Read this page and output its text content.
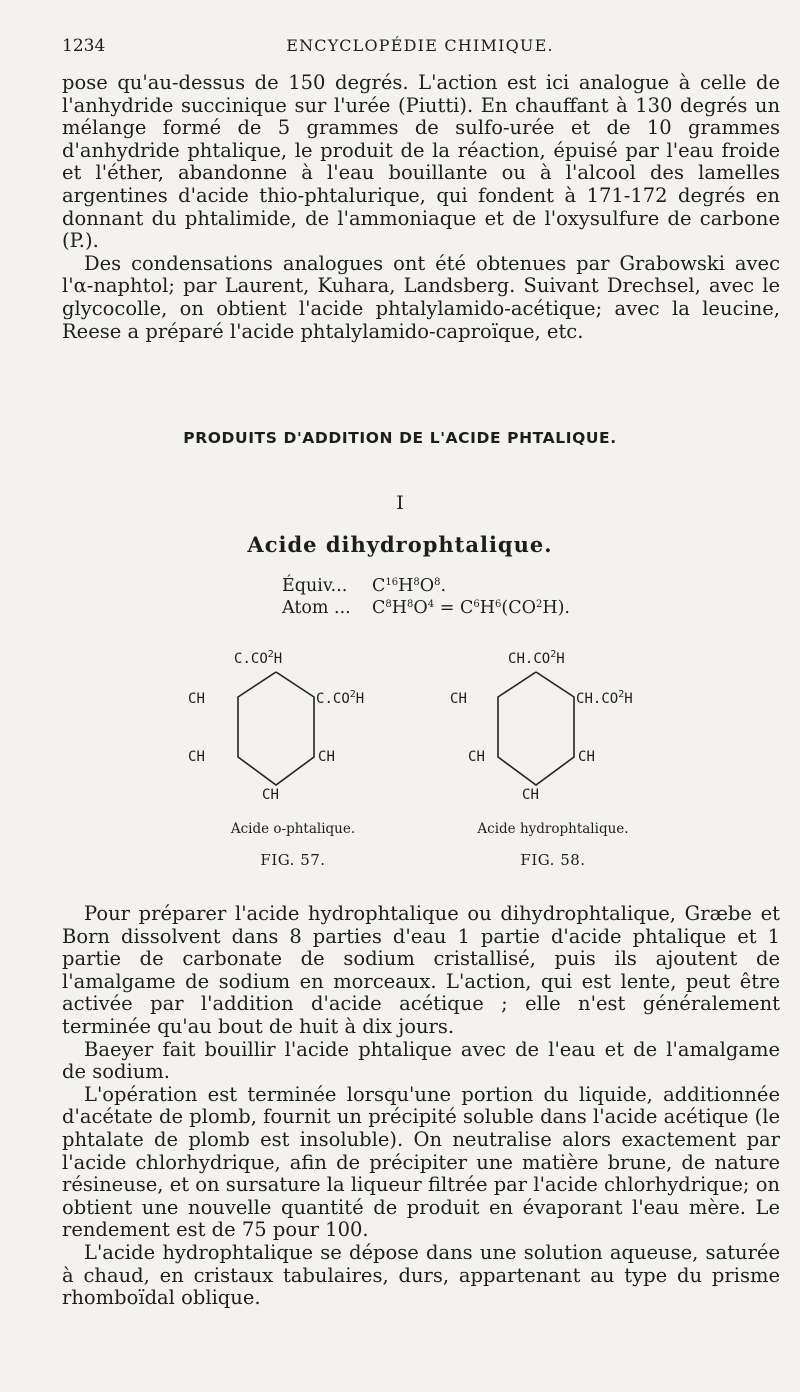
1234	ENCYCLOPÉDIE CHIMIQUE.

pose qu'au-dessus de 150 degrés. L'action est ici analogue à celle de l'anhydride succinique sur l'urée (Piutti). En chauffant à 130 degrés un mélange formé de 5 grammes de sulfo-urée et de 10 grammes d'anhydride phtalique, le produit de la réaction, épuisé par l'eau froide et l'éther, abandonne à l'eau bouillante ou à l'alcool des lamelles argentines d'acide thio-phtalurique, qui fondent à 171-172 degrés en donnant du phtalimide, de l'ammoniaque et de l'oxysulfure de carbone (P.).

Des condensations analogues ont été obtenues par Grabowski avec l'α-naphtol; par Laurent, Kuhara, Landsberg. Suivant Drechsel, avec le glycocolle, on obtient l'acide phtalylamido-acétique; avec la leucine, Reese a préparé l'acide phtalylamido-caproïque, etc.

PRODUITS D'ADDITION DE L'ACIDE PHTALIQUE.
I
Acide dihydrophtalique.
Équiv...	$C^{16}H^8O^8$.
Atom ...	$C^8H^8O^4 = C^6H^6(CO^2H)$.
$C.CO^2H$
CH	$C.CO^2H$
CH	CH
CH
Acide o-phtalique.
FIG. 57.
$CH.CO^2H$
CH	$CH.CO^2H$
CH	CH
CH
Acide hydrophtalique.
FIG. 58.

Pour préparer l'acide hydrophtalique ou dihydrophtalique, Græbe et Born dissolvent dans 8 parties d'eau 1 partie d'acide phtalique et 1 partie de carbonate de sodium cristallisé, puis ils ajoutent de l'amalgame de sodium en morceaux. L'action, qui est lente, peut être activée par l'addition d'acide acétique ; elle n'est généralement terminée qu'au bout de huit à dix jours.

Baeyer fait bouillir l'acide phtalique avec de l'eau et de l'amalgame de sodium.

L'opération est terminée lorsqu'une portion du liquide, additionnée d'acétate de plomb, fournit un précipité soluble dans l'acide acétique (le phtalate de plomb est insoluble). On neutralise alors exactement par l'acide chlorhydrique, afin de précipiter une matière brune, de nature résineuse, et on sursature la liqueur filtrée par l'acide chlorhydrique; on obtient une nouvelle quantité de produit en évaporant l'eau mère. Le rendement est de 75 pour 100.

L'acide hydrophtalique se dépose dans une solution aqueuse, saturée à chaud, en cristaux tabulaires, durs, appartenant au type du prisme rhomboïdal oblique.
